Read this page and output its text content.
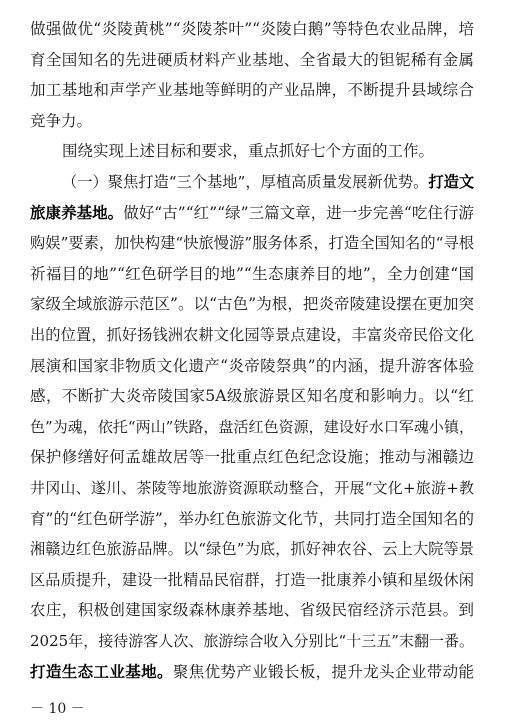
做强做优“炎陵黄桃”“炎陵茶叶”“炎陵白鹅”等特色农业品牌，培
育全国知名的先进硬质材料产业基地、全省最大的钽铌稀有金属
加工基地和声学产业基地等鲜明的产业品牌，不断提升县域综合
竞争力。
围绕实现上述目标和要求，重点抓好七个方面的工作。
（一）聚焦打造“三个基地”，厚植高质量发展新优势。打造文
旅康养基地。做好“古”“红”“绿”三篇文章，进一步完善“吃住行游
购娱”要素，加快构建“快旅慢游”服务体系，打造全国知名的“寻根
祈福目的地”“红色研学目的地”“生态康养目的地”，全力创建“国
家级全域旅游示范区”。以“古色”为根，把炎帝陵建设摆在更加突
出的位置，抓好扬钱洲农耕文化园等景点建设，丰富炎帝民俗文化
展演和国家非物质文化遗产“炎帝陵祭典”的内涵，提升游客体验
感，不断扩大炎帝陵国家5A级旅游景区知名度和影响力。以“红
色”为魂，依托“两山”铁路，盘活红色资源，建设好水口军魂小镇，
保护修缮好何孟雄故居等一批重点红色纪念设施；推动与湘赣边
井冈山、遂川、茶陵等地旅游资源联动整合，开展“文化+旅游+教
育”的“红色研学游”，举办红色旅游文化节，共同打造全国知名的
湘赣边红色旅游品牌。以“绿色”为底，抓好神农谷、云上大院等景
区品质提升，建设一批精品民宿群，打造一批康养小镇和星级休闲
农庄，积极创建国家级森林康养基地、省级民宿经济示范县。到
2025年，接待游客人次、旅游综合收入分别比“十三五”末翻一番。
打造生态工业基地。聚焦优势产业锻长板，提升龙头企业带动能
－ 10 －
